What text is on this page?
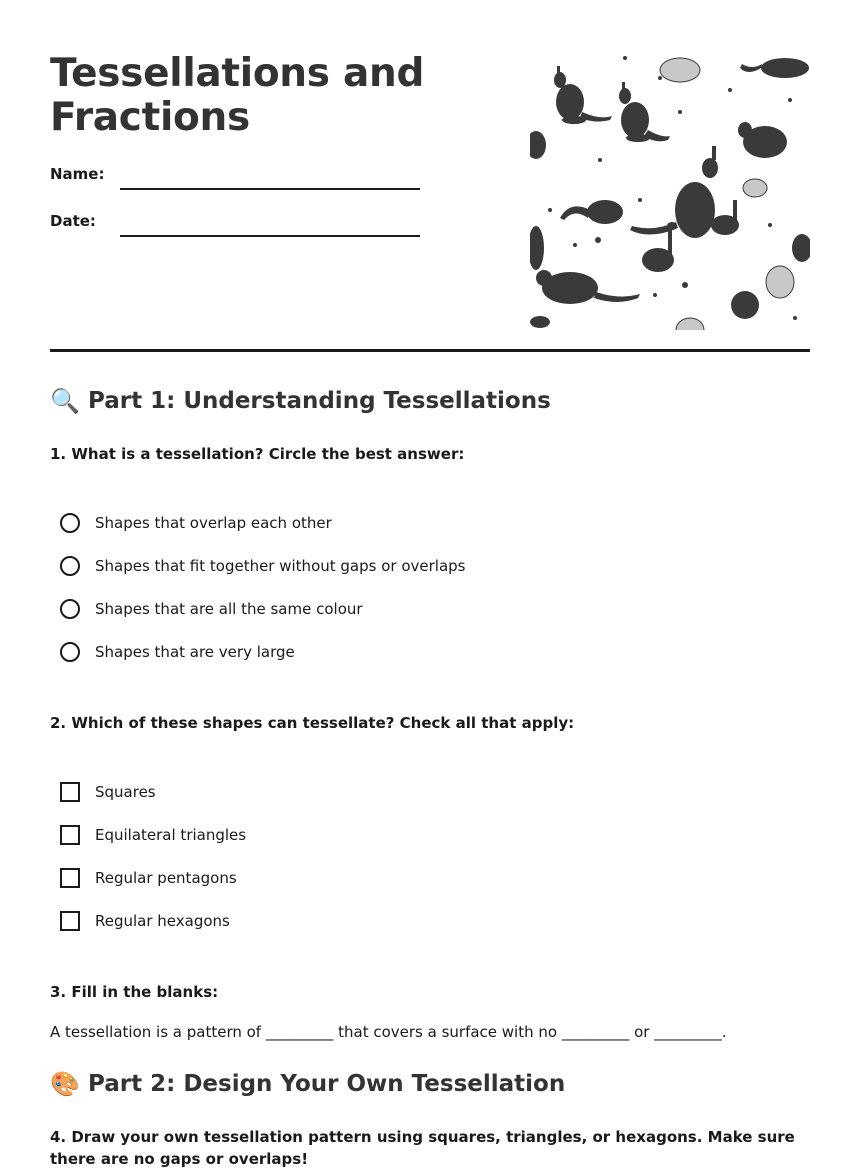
Tessellations and
Fractions
Name:
Date:
🔍 Part 1: Understanding Tessellations

1. What is a tessellation? Circle the best answer:

Shapes that overlap each other
Shapes that fit together without gaps or overlaps
Shapes that are all the same colour
Shapes that are very large

2. Which of these shapes can tessellate? Check all that apply:

Squares
Equilateral triangles
Regular pentagons
Regular hexagons

3. Fill in the blanks:

A tessellation is a pattern of _________ that covers a surface with no _________ or _________.
🎨 Part 2: Design Your Own Tessellation

4. Draw your own tessellation pattern using squares, triangles, or hexagons. Make sure there are no gaps or overlaps!
